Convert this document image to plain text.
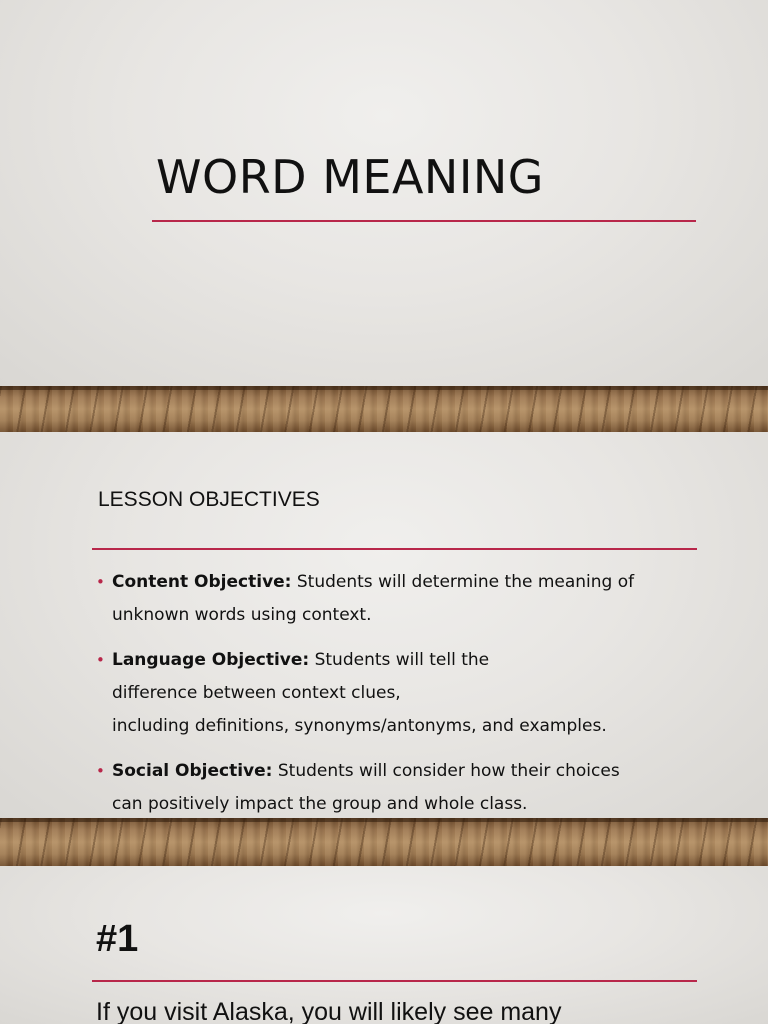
WORD MEANING
LESSON OBJECTIVES
• Content Objective: Students will determine the meaning of
unknown words using context.
• Language Objective: Students will tell the
difference between context clues,
including definitions, synonyms/antonyms, and examples.
• Social Objective: Students will consider how their choices
can positively impact the group and whole class.
#1
If you visit Alaska, you will likely see many
